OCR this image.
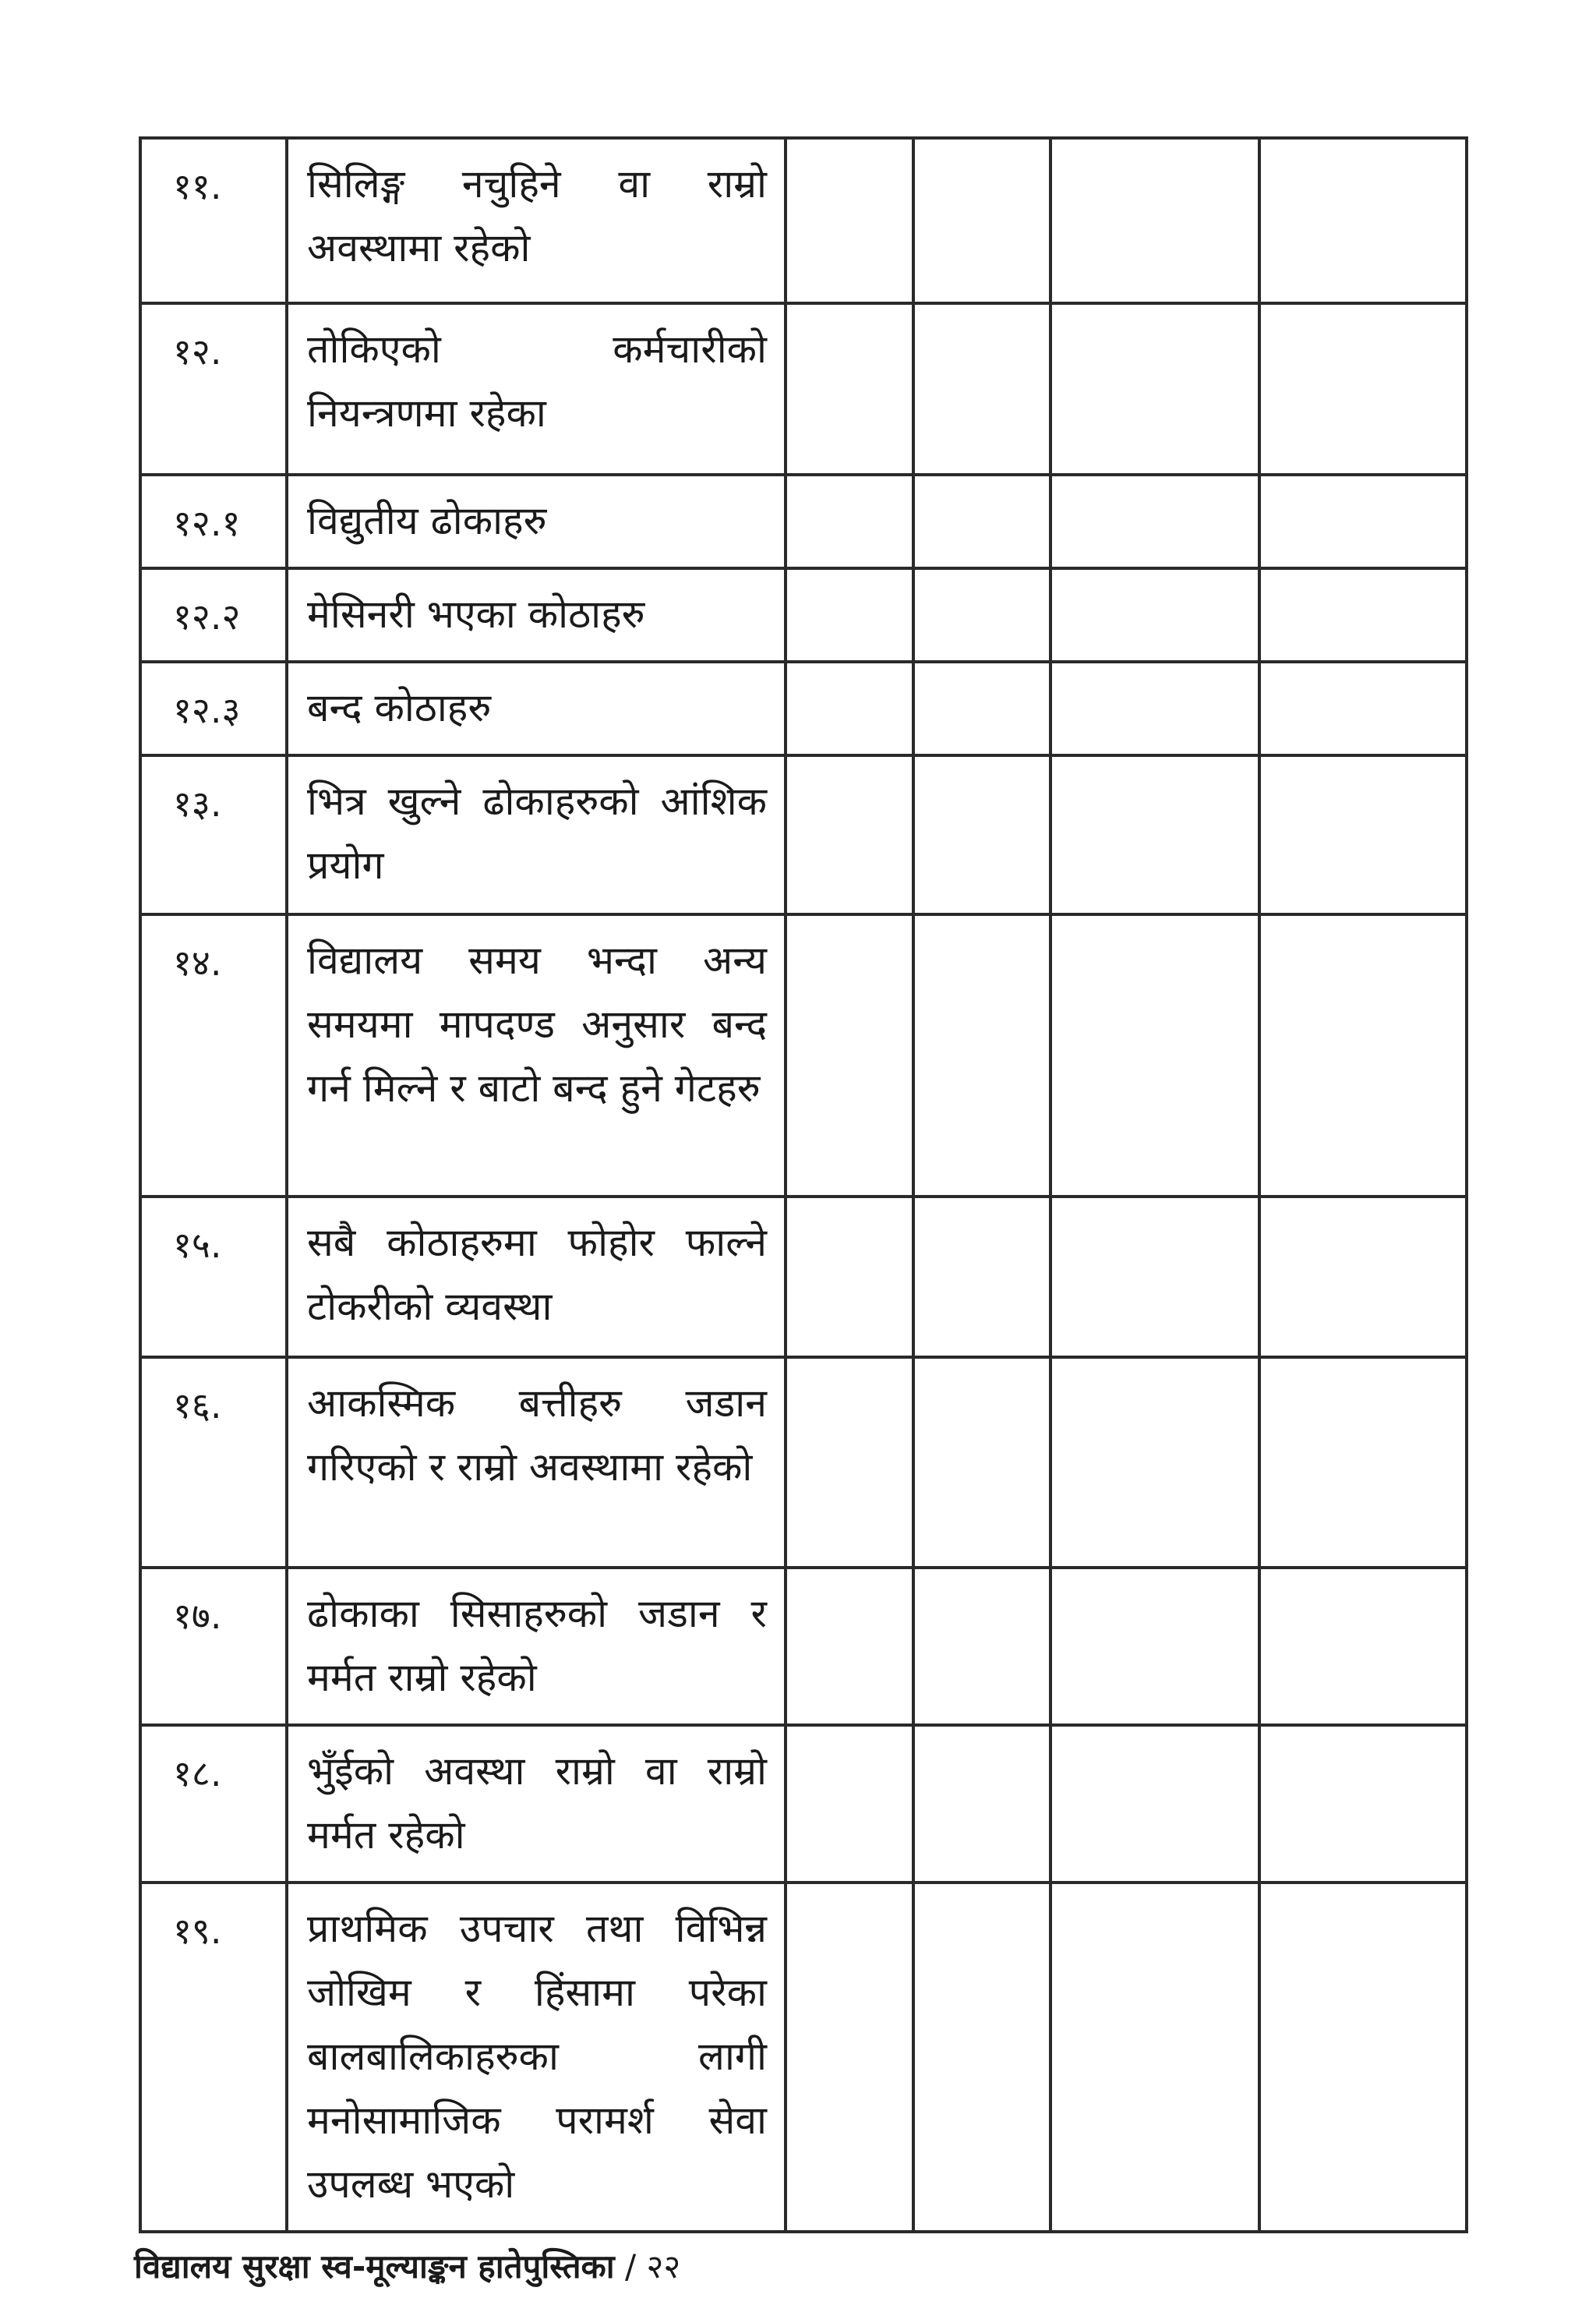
११.	सिलिङ्ग नचुहिने वा राम्रो अवस्थामा रहेको				
१२.	तोकिएको कर्मचारीको नियन्त्रणमा रहेका				
१२.१	विद्युतीय ढोकाहरु				
१२.२	मेसिनरी भएका कोठाहरु				
१२.३	बन्द कोठाहरु				
१३.	भित्र खुल्ने ढोकाहरुको आंशिक प्रयोग				
१४.	विद्यालय समय भन्दा अन्य समयमा मापदण्ड अनुसार बन्द गर्न मिल्ने र बाटो बन्द हुने गेटहरु				
१५.	सबै कोठाहरुमा फोहोर फाल्ने टोकरीको व्यवस्था				
१६.	आकस्मिक बत्तीहरु जडान गरिएको र राम्रो अवस्थामा रहेको				
१७.	ढोकाका सिसाहरुको जडान र मर्मत राम्रो रहेको				
१८.	भुँईको अवस्था राम्रो वा राम्रो मर्मत रहेको				
१९.	प्राथमिक उपचार तथा विभिन्न जोखिम र हिंसामा परेका बालबालिकाहरुका लागी मनोसामाजिक परामर्श सेवा उपलब्ध भएको				
विद्यालय सुरक्षा स्व-मूल्याङ्कन हातेपुस्तिका / २२
